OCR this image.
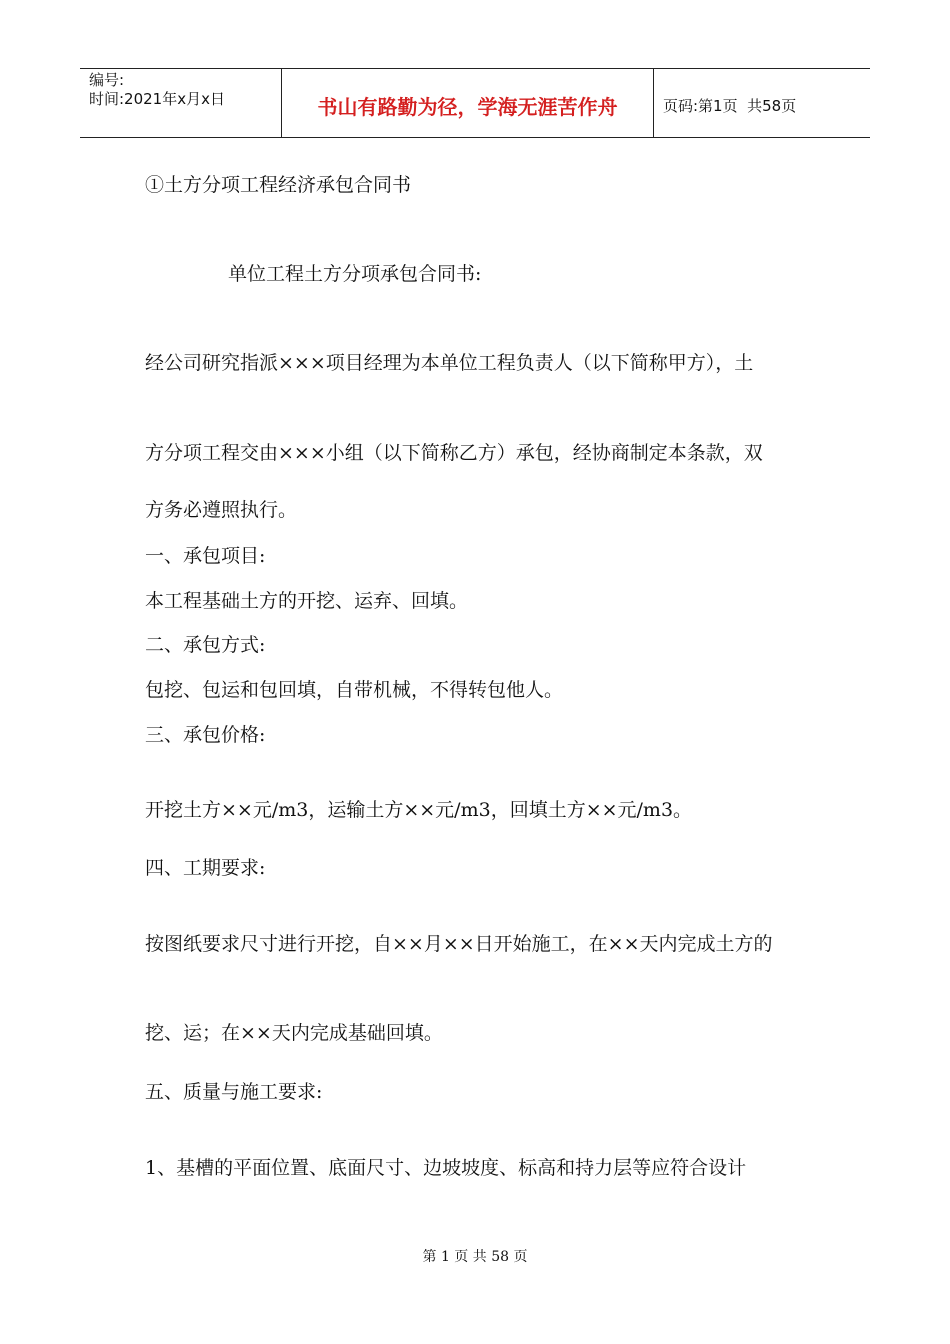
编号:
时间:2021年x月x日	书山有路勤为径，学海无涯苦作舟	页码:第1页  共58页
①土方分项工程经济承包合同书
单位工程土方分项承包合同书:
经公司研究指派×××项目经理为本单位工程负责人（以下简称甲方），土
方分项工程交由×××小组（以下简称乙方）承包，经协商制定本条款，双
方务必遵照执行。
一、承包项目:
本工程基础土方的开挖、运弃、回填。
二、承包方式:
包挖、包运和包回填，自带机械，不得转包他人。
三、承包价格:
开挖土方××元/m3，运输土方××元/m3，回填土方××元/m3。
四、工期要求:
按图纸要求尺寸进行开挖，自××月××日开始施工，在××天内完成土方的
挖、运；在××天内完成基础回填。
五、质量与施工要求:
1、基槽的平面位置、底面尺寸、边坡坡度、标高和持力层等应符合设计
第 1 页 共 58 页
